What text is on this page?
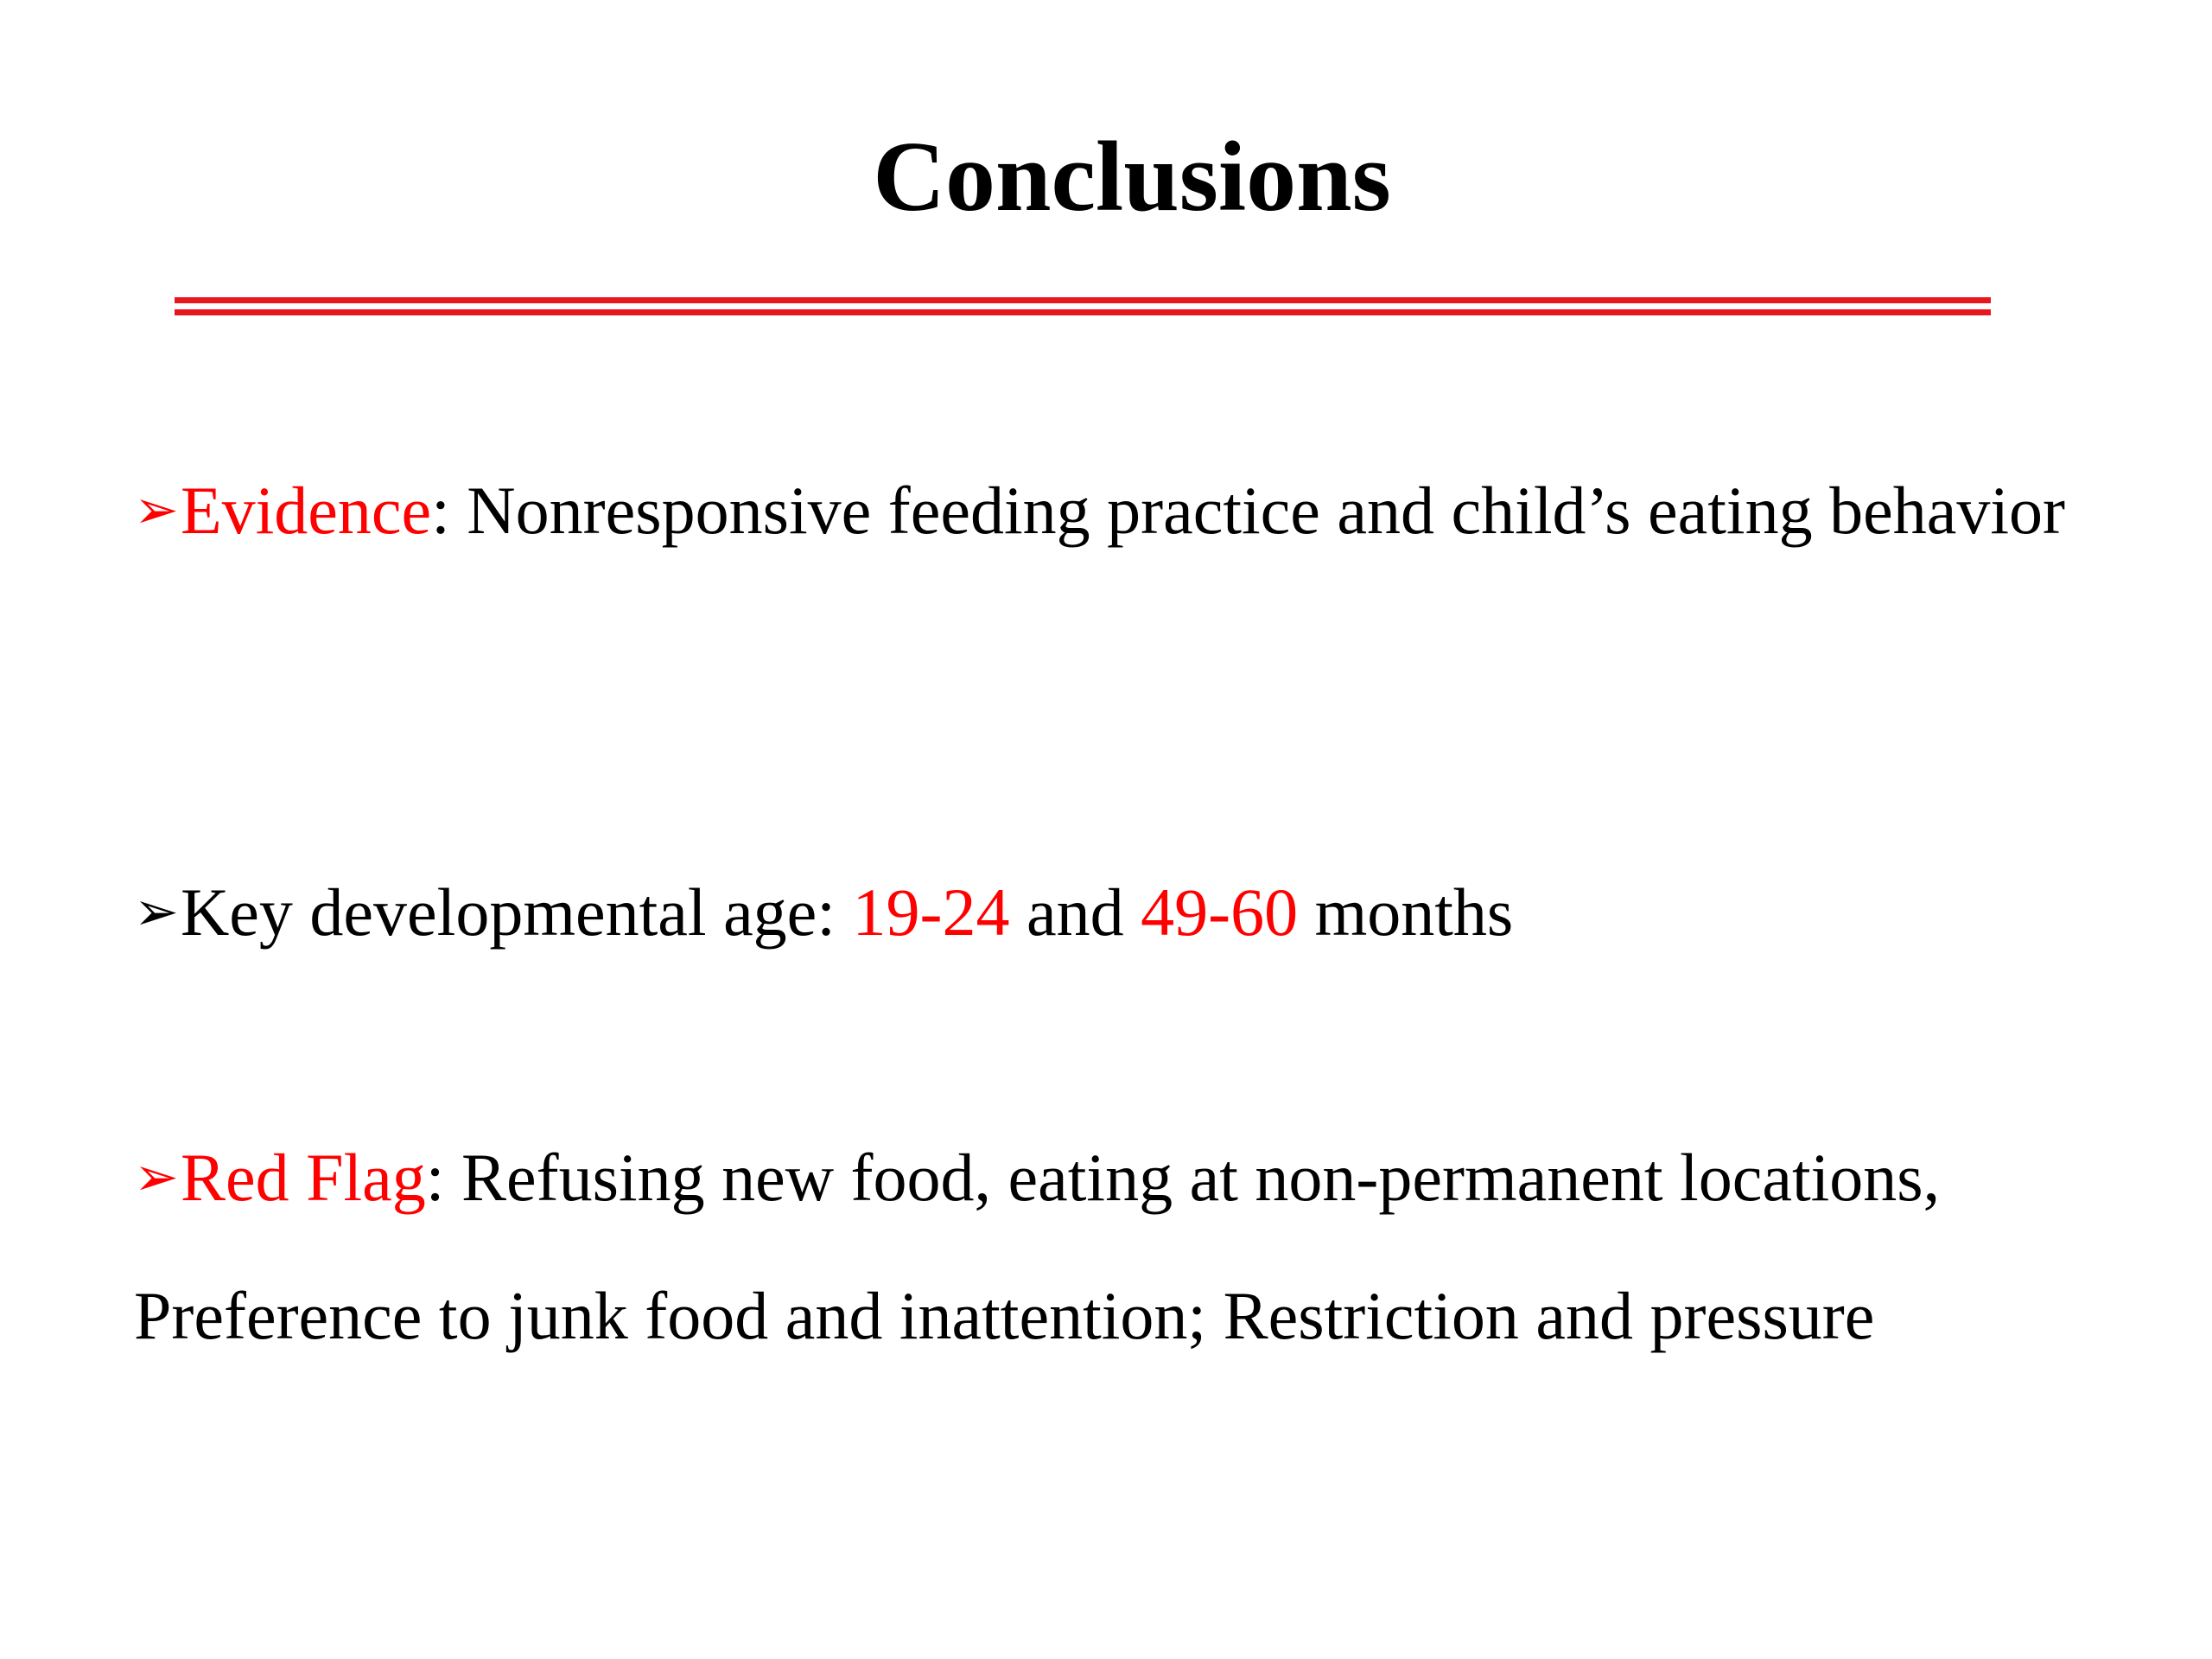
Conclusions

➢Evidence: Nonresponsive feeding practice and child’s eating behavior

➢Key developmental age: 19-24 and 49-60 months

➢Red Flag: Refusing new food, eating at non-permanent locations, Preference to junk food and inattention; Restriction and pressure
